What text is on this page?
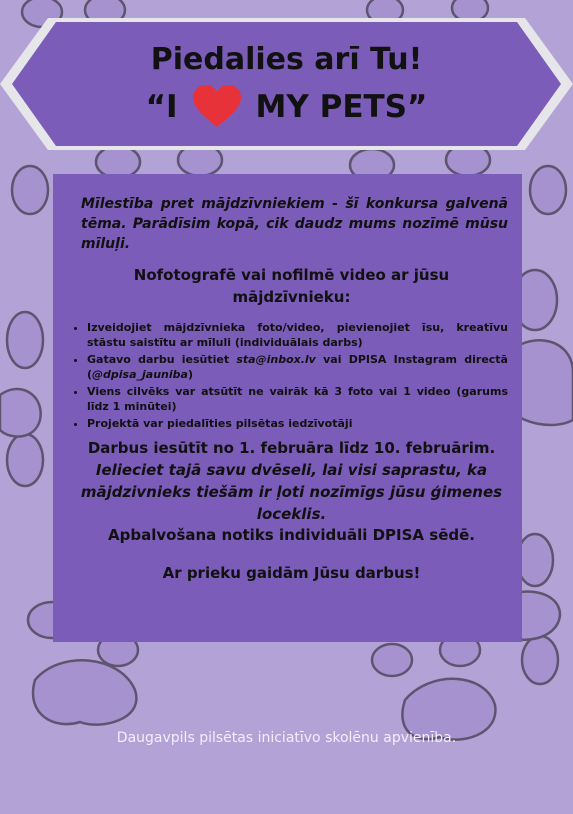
Piedalies arī Tu!
“I	MY PETS”
Mīlestība pret mājdzīvniekiem - šī konkursa galvenā tēma. Parādīsim kopā, cik daudz mums nozīmē mūsu mīluļi.
Nofotografē vai nofilmē video ar jūsu mājdzīvnieku:
• Izveidojiet mājdzīvnieka foto/video, pievienojiet īsu, kreatīvu stāstu saistītu ar mīluli (individuālais darbs)
• Gatavo darbu iesūtiet sta@inbox.lv vai DPISA Instagram directā (@dpisa_jauniba)
• Viens cilvēks var atsūtīt ne vairāk kā 3 foto vai 1 video (garums līdz 1 minūtei)
• Projektā var piedalīties pilsētas iedzīvotāji
Darbus iesūtīt no 1. februāra līdz 10. februārim.
Ielieciet tajā savu dvēseli, lai visi saprastu, ka mājdzivnieks tiešām ir ļoti nozīmīgs jūsu ģimenes loceklis.
Apbalvošana notiks individuāli DPISA sēdē.
Ar prieku gaidām Jūsu darbus!
Daugavpils pilsētas iniciatīvo skolēnu apvienība.
